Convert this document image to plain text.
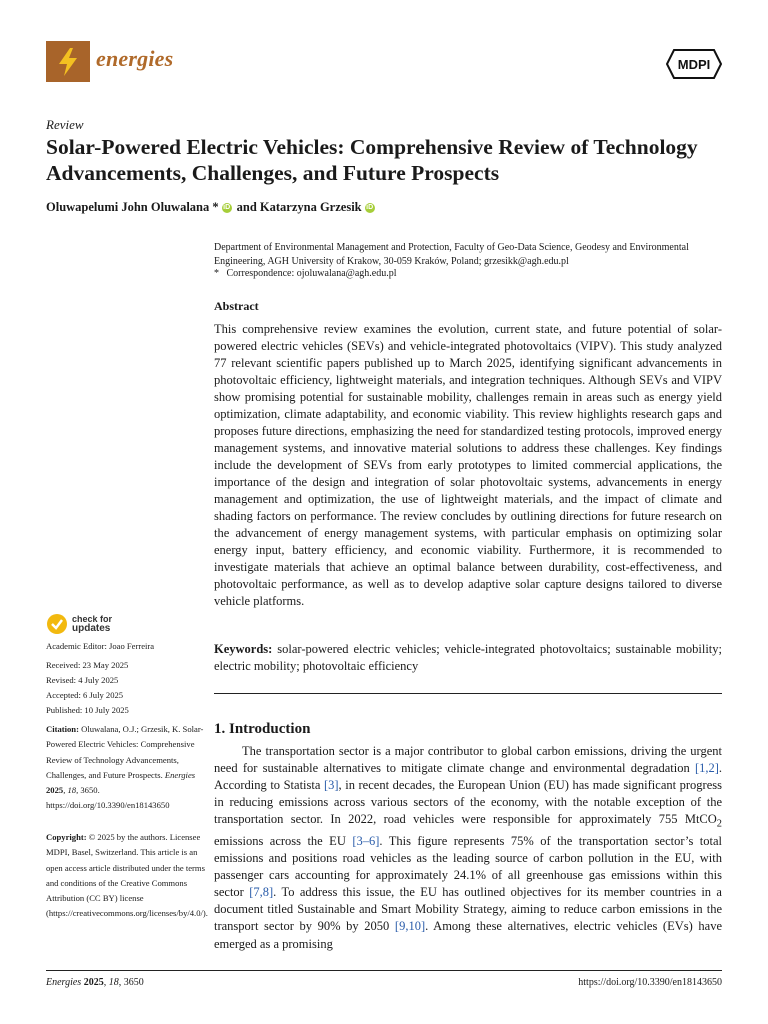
energies	MDPI
Review
Solar-Powered Electric Vehicles: Comprehensive Review of Technology Advancements, Challenges, and Future Prospects
Oluwapelumi John Oluwalana * iD and Katarzyna Grzesik iD
Department of Environmental Management and Protection, Faculty of Geo-Data Science, Geodesy and Environmental Engineering, AGH University of Krakow, 30-059 Kraków, Poland; grzesikk@agh.edu.pl
*   Correspondence: ojoluwalana@agh.edu.pl
Abstract
This comprehensive review examines the evolution, current state, and future potential of solar-powered electric vehicles (SEVs) and vehicle-integrated photovoltaics (VIPV). This study analyzed 77 relevant scientific papers published up to March 2025, identifying significant advancements in photovoltaic efficiency, lightweight materials, and integration techniques. Although SEVs and VIPV show promising potential for sustainable mobility, challenges remain in areas such as energy yield optimization, climate adaptability, and economic viability. This review highlights research gaps and proposes future directions, emphasizing the need for standardized testing protocols, improved energy management systems, and innovative material solutions to address these challenges. Key findings include the development of SEVs from early prototypes to limited commercial applications, the importance of the design and integration of solar photovoltaic systems, advancements in energy management and optimization, the use of lightweight materials, and the impact of climate and shading factors on performance. The review concludes by outlining directions for future research on the advancement of energy management systems, with particular emphasis on optimizing solar energy input, battery efficiency, and economic viability. Furthermore, it is recommended to investigate materials that achieve an optimal balance between durability, cost-effectiveness, and photovoltaic performance, as well as to develop adaptive solar capture designs tailored to diverse vehicle platforms.
Keywords: solar-powered electric vehicles; vehicle-integrated photovoltaics; sustainable mobility; electric mobility; photovoltaic efficiency
1. Introduction
The transportation sector is a major contributor to global carbon emissions, driving the urgent need for sustainable alternatives to mitigate climate change and environmental degradation [1,2]. According to Statista [3], in recent decades, the European Union (EU) has made significant progress in reducing emissions across various sectors of the economy, with the notable exception of the transportation sector. In 2022, road vehicles were responsible for approximately 755 MtCO$_2$ emissions across the EU [3–6]. This figure represents 75% of the transportation sector’s total emissions and positions road vehicles as the leading source of carbon pollution in the EU, with passenger cars accounting for approximately 24.1% of all greenhouse gas emissions within this sector [7,8]. To address this issue, the EU has outlined objectives for its member countries in a document titled Sustainable and Smart Mobility Strategy, aiming to reduce carbon emissions in the transport sector by 90% by 2050 [9,10]. Among these alternatives, electric vehicles (EVs) have emerged as a promising
check for
updates
Academic Editor: Joao Ferreira
Received: 23 May 2025
Revised: 4 July 2025
Accepted: 6 July 2025
Published: 10 July 2025
Citation: Oluwalana, O.J.; Grzesik, K. Solar-Powered Electric Vehicles: Comprehensive Review of Technology Advancements, Challenges, and Future Prospects. Energies 2025, 18, 3650. https://doi.org/10.3390/en18143650
Copyright: © 2025 by the authors. Licensee MDPI, Basel, Switzerland. This article is an open access article distributed under the terms and conditions of the Creative Commons Attribution (CC BY) license (https://creativecommons.org/licenses/by/4.0/).
Energies 2025, 18, 3650	https://doi.org/10.3390/en18143650
